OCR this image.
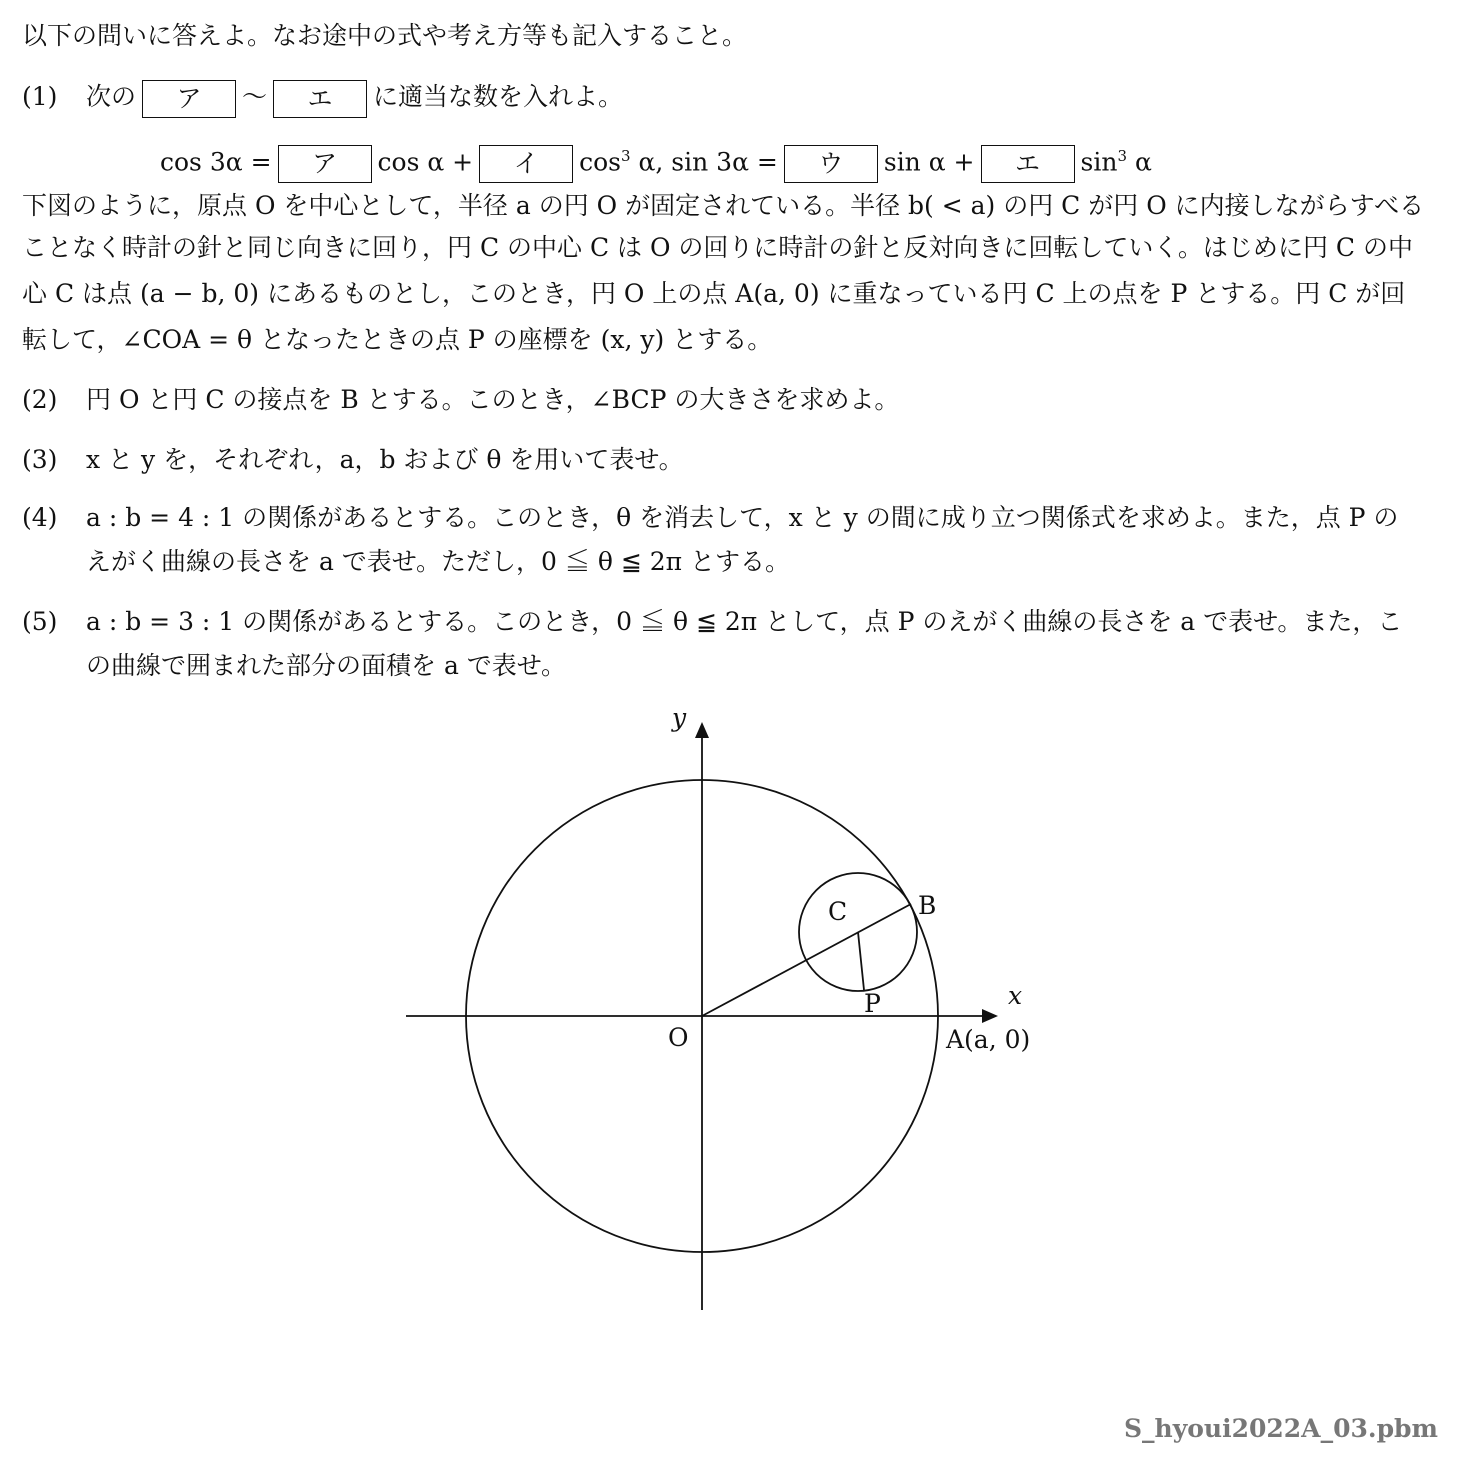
以下の問いに答えよ。なお途中の式や考え方等も記入すること。
(1) 次の ア 〜 エ に適当な数を入れよ。
cos 3α = ア cos α + イ $\cos^3 \alpha$, sin 3α = ウ sin α + エ $\sin^3 \alpha$
下図のように，原点 O を中心として，半径 a の円 O が固定されている。半径 b( < a) の円 C が円 O に内接しながらすべる
ことなく時計の針と同じ向きに回り，円 C の中心 C は O の回りに時計の針と反対向きに回転していく。はじめに円 C の中
心 C は点 (a − b, 0) にあるものとし，このとき，円 O 上の点 A(a, 0) に重なっている円 C 上の点を P とする。円 C が回
転して，∠COA = θ となったときの点 P の座標を (x, y) とする。
(2) 円 O と円 C の接点を B とする。このとき，∠BCP の大きさを求めよ。
(3) x と y を，それぞれ，a，b および θ を用いて表せ。
(4) a : b = 4 : 1 の関係があるとする。このとき，θ を消去して，x と y の間に成り立つ関係式を求めよ。また，点 P の
えがく曲線の長さを a で表せ。ただし，0 ≦ θ ≦ 2π とする。
(5) a : b = 3 : 1 の関係があるとする。このとき，0 ≦ θ ≦ 2π として，点 P のえがく曲線の長さを a で表せ。また，こ
の曲線で囲まれた部分の面積を a で表せ。
y
x
O
C	B
P
A(a, 0)
S_hyoui2022A_03.pbm
